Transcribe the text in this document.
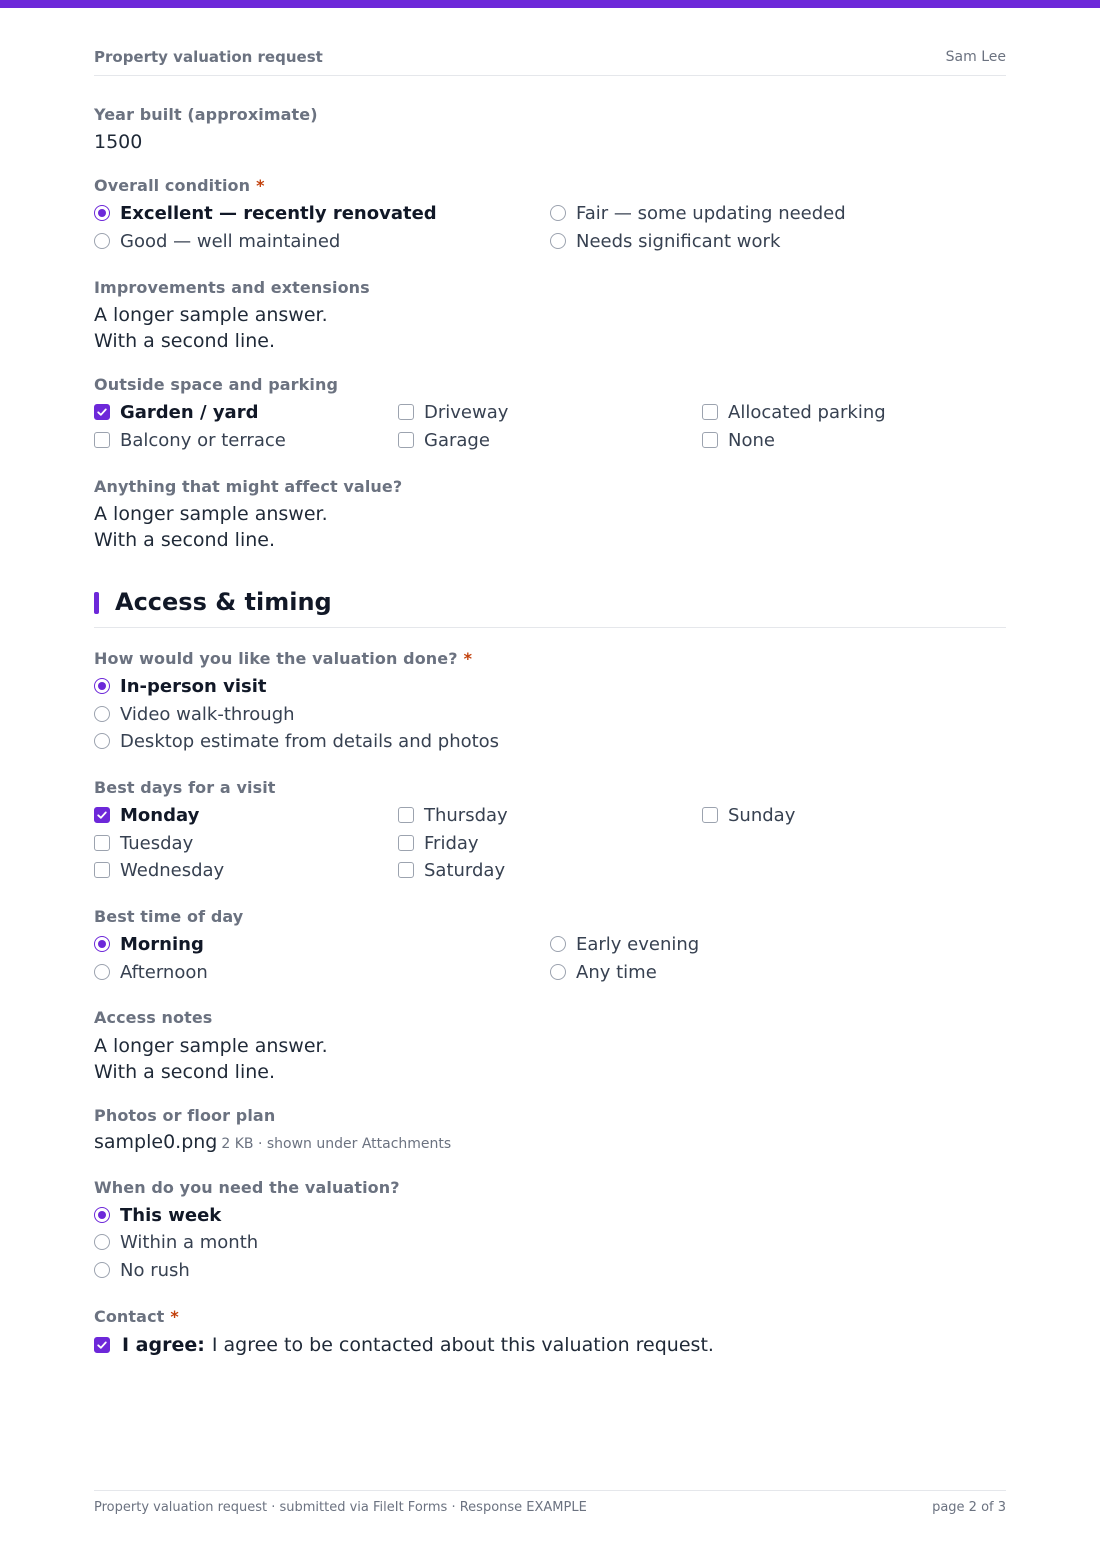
Property valuation request	Sam Lee
Year built (approximate)
1500
Overall condition *
Excellent — recently renovated	Fair — some updating needed
Good — well maintained	Needs significant work
Improvements and extensions
A longer sample answer.
With a second line.
Outside space and parking
Garden / yard	Driveway	Allocated parking
Balcony or terrace	Garage	None
Anything that might affect value?
A longer sample answer.
With a second line.
Access & timing
How would you like the valuation done? *
In-person visit
Video walk-through
Desktop estimate from details and photos
Best days for a visit
Monday	Thursday	Sunday
Tuesday	Friday
Wednesday	Saturday
Best time of day
Morning	Early evening
Afternoon	Any time
Access notes
A longer sample answer.
With a second line.
Photos or floor plan
sample0.png 2 KB · shown under Attachments
When do you need the valuation?
This week
Within a month
No rush
Contact *
I agree: I agree to be contacted about this valuation request.
Property valuation request · submitted via FileIt Forms · Response EXAMPLE	page 2 of 3
